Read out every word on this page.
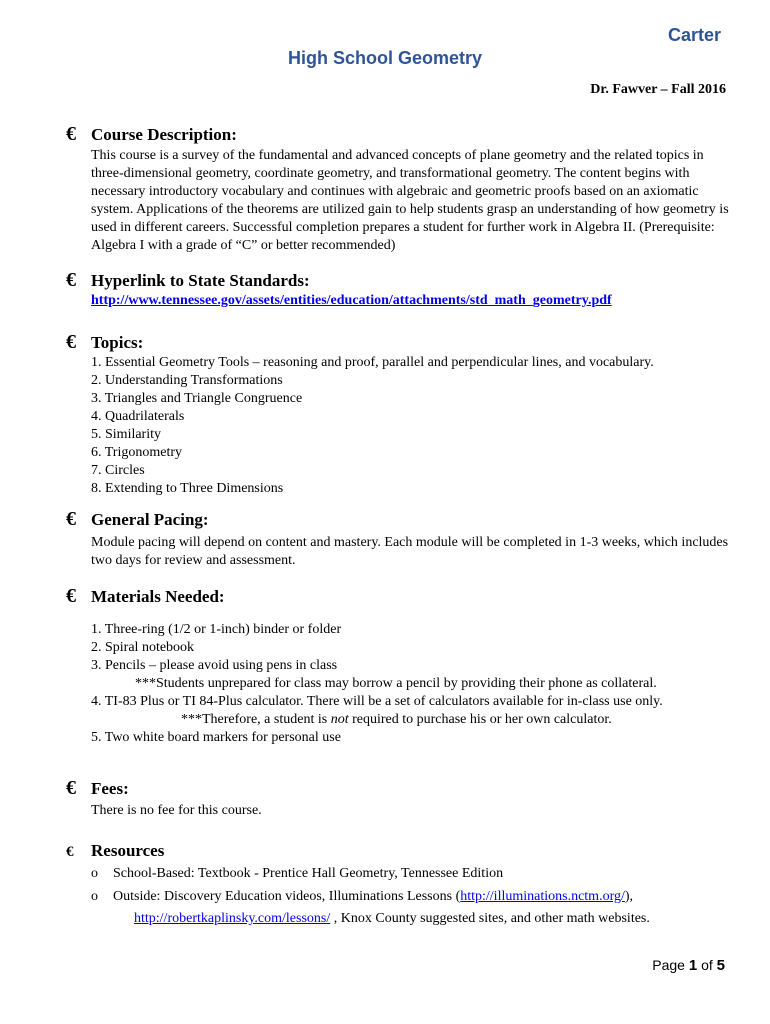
Carter
High School Geometry
Dr. Fawver – Fall 2016
€ Course Description:

This course is a survey of the fundamental and advanced concepts of plane geometry and the related topics in three-dimensional geometry, coordinate geometry, and transformational geometry. The content begins with necessary introductory vocabulary and continues with algebraic and geometric proofs based on an axiomatic system. Applications of the theorems are utilized gain to help students grasp an understanding of how geometry is used in different careers. Successful completion prepares a student for further work in Algebra II. (Prerequisite: Algebra I with a grade of “C” or better recommended)

€ Hyperlink to State Standards:
http://www.tennessee.gov/assets/entities/education/attachments/std_math_geometry.pdf
€ Topics:

1. Essential Geometry Tools – reasoning and proof, parallel and perpendicular lines, and vocabulary.

2. Understanding Transformations

3. Triangles and Triangle Congruence

4. Quadrilaterals

5. Similarity

6. Trigonometry

7. Circles

8. Extending to Three Dimensions

€ General Pacing:

Module pacing will depend on content and mastery. Each module will be completed in 1-3 weeks, which includes two days for review and assessment.

€ Materials Needed:

1. Three-ring (1/2 or 1-inch) binder or folder

2. Spiral notebook

3. Pencils – please avoid using pens in class

***Students unprepared for class may borrow a pencil by providing their phone as collateral.

4. TI-83 Plus or TI 84-Plus calculator. There will be a set of calculators available for in-class use only.

***Therefore, a student is not required to purchase his or her own calculator.

5. Two white board markers for personal use

€ Fees:

There is no fee for this course.

€	Resources
o	School-Based: Textbook - Prentice Hall Geometry, Tennessee Edition
o	Outside: Discovery Education videos, Illuminations Lessons (http://illuminations.nctm.org/),

http://robertkaplinsky.com/lessons/ , Knox County suggested sites, and other math websites.

Page 1 of 5
